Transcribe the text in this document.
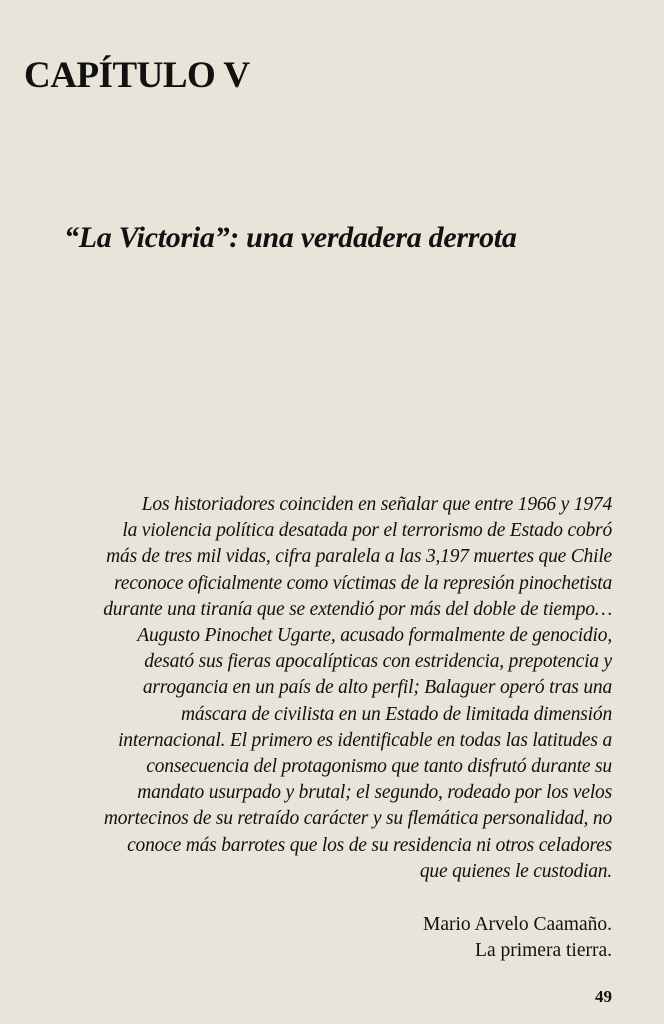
CAPÍTULO V
“La Victoria”: una verdadera derrota
Los historiadores coinciden en señalar que entre 1966 y 1974
la violencia política desatada por el terrorismo de Estado cobró
más de tres mil vidas, cifra paralela a las 3,197 muertes que Chile
reconoce oficialmente como víctimas de la represión pinochetista
durante una tiranía que se extendió por más del doble de tiempo…
Augusto Pinochet Ugarte, acusado formalmente de genocidio,
desató sus fieras apocalípticas con estridencia, prepotencia y
arrogancia en un país de alto perfil; Balaguer operó tras una
máscara de civilista en un Estado de limitada dimensión
internacional. El primero es identificable en todas las latitudes a
consecuencia del protagonismo que tanto disfrutó durante su
mandato usurpado y brutal; el segundo, rodeado por los velos
mortecinos de su retraído carácter y su flemática personalidad, no
conoce más barrotes que los de su residencia ni otros celadores
que quienes le custodian.
Mario Arvelo Caamaño.
La primera tierra.
49
